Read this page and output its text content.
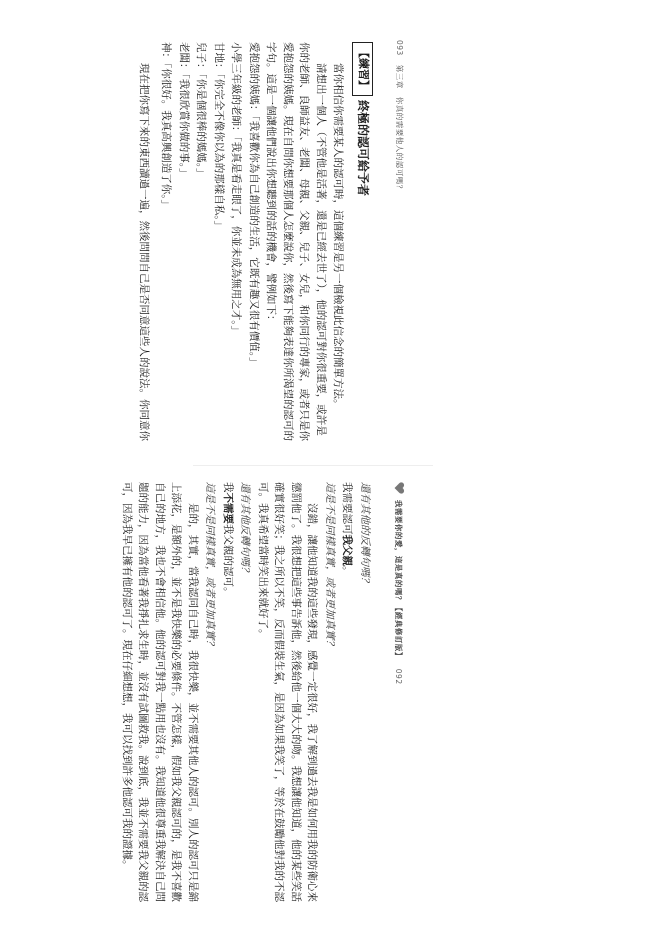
我需要你的愛，這是真的嗎？【經典修訂版】 092

還有其他的反轉句嗎？

我需要認可我父親。

這是不是同樣真實，或者更加真實？

沒錯，讓他知道我的這些發現，感覺一定很好，我了解到過去我是如何用我的防衛心來懲罰他了。我很想把這些事告訴他，然後給他一個大大的吻。我想讓他知道，他的某些笑話確實很好笑；我之所以不笑，反而假裝生氣，是因為如果我笑了，等於在鼓勵他對我的不認可。我真希望當時笑出來就好了。

還有其他反轉句嗎？

我不需要我父親的認可。

這是不是同樣真實，或者更加真實？

是的，其實，當我認同自己時，我很快樂，並不需要其他人的認可。別人的認可只是錦上添花，是額外的，並不是我快樂的必要條件。不管怎樣，假如我父親認可的，是我不喜歡自己的地方，我也不會相信他。他的認可對我一點用也沒有。我知道他很尊重我解決自己問題的能力，因為當他看著我掙扎求生時，並沒有試圖救我。說到底，我並不需要我父親的認可，因為我早已擁有他的認可了。現在仔細想想，我可以找到許多他認可我的證據。

093 第三章　你真的需要他人的認可嗎？
【練習】
終極的認可給予者

當你相信你需要某人的認可時，這個練習是另一個檢視此信念的簡單方法。

請想出一個人（不管他是活著，還是已經去世了），他的認可對你很重要，或許是你的老師、良師益友、老闆、母親、父親、兒子、女兒，和你同行的專家，或者只是你愛抱怨的姨媽。現在自問你想要那個人怎麼說你，然後寫下能夠表達你所渴望的認可的字句。這是一個讓他們說出你想聽到的話的機會，譬例如下：

愛抱怨的姨媽：「我喜歡你為自己創造的生活，它既有趣又很有價值。」

小學三年級的老師：「我真是看走眼了，你並未成為無用之才。」

甘地：「你完全不像你以為的那樣自私。」

兒子：「你是個很棒的媽媽。」

老闆：「我很欣賞你做的事。」

神：「你很好。我真高興創造了你。」

現在把你寫下來的東西讀過一遍，然後問問自己是否同意這些人的說法。你同意你
